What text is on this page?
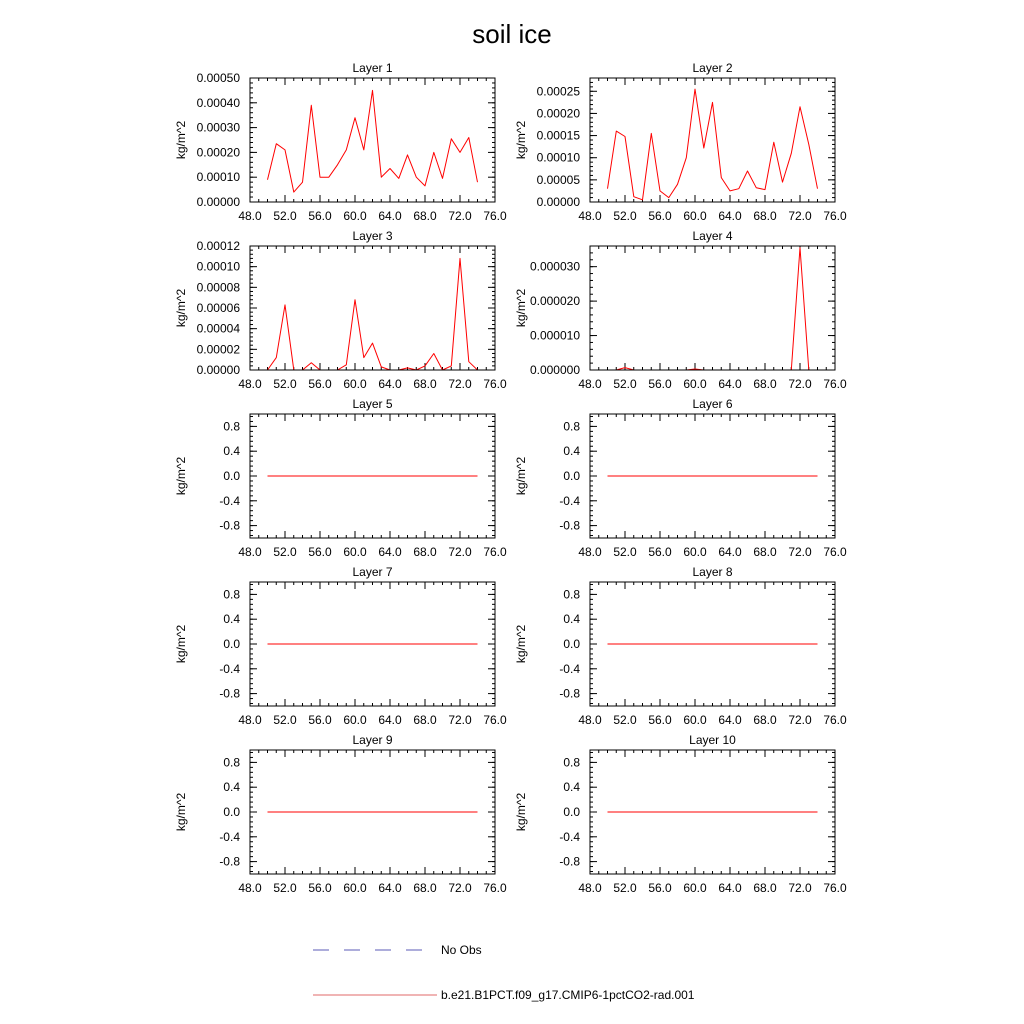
soil ice
Layer 1
kg/m^2
48.0 52.0 56.0 60.0 64.0 68.0 72.0 76.0
0.00000
0.00010
0.00020
0.00030
0.00040
0.00050
Layer 2
kg/m^2
48.0 52.0 56.0 60.0 64.0 68.0 72.0 76.0
0.00000
0.00005
0.00010
0.00015
0.00020
0.00025
Layer 3
kg/m^2
48.0 52.0 56.0 60.0 64.0 68.0 72.0 76.0
0.00000
0.00002
0.00004
0.00006
0.00008
0.00010
0.00012
Layer 4
kg/m^2
48.0 52.0 56.0 60.0 64.0 68.0 72.0 76.0
0.000000
0.000010
0.000020
0.000030
Layer 5
kg/m^2
48.0 52.0 56.0 60.0 64.0 68.0 72.0 76.0
-0.8
-0.4
0.0
0.4
0.8
Layer 6
kg/m^2
48.0 52.0 56.0 60.0 64.0 68.0 72.0 76.0
-0.8
-0.4
0.0
0.4
0.8
Layer 7
kg/m^2
48.0 52.0 56.0 60.0 64.0 68.0 72.0 76.0
-0.8
-0.4
0.0
0.4
0.8
Layer 8
kg/m^2
48.0 52.0 56.0 60.0 64.0 68.0 72.0 76.0
-0.8
-0.4
0.0
0.4
0.8
Layer 9
kg/m^2
48.0 52.0 56.0 60.0 64.0 68.0 72.0 76.0
-0.8
-0.4
0.0
0.4
0.8
Layer 10
kg/m^2
48.0 52.0 56.0 60.0 64.0 68.0 72.0 76.0
-0.8
-0.4
0.0
0.4
0.8
No Obs
b.e21.B1PCT.f09_g17.CMIP6-1pctCO2-rad.001
